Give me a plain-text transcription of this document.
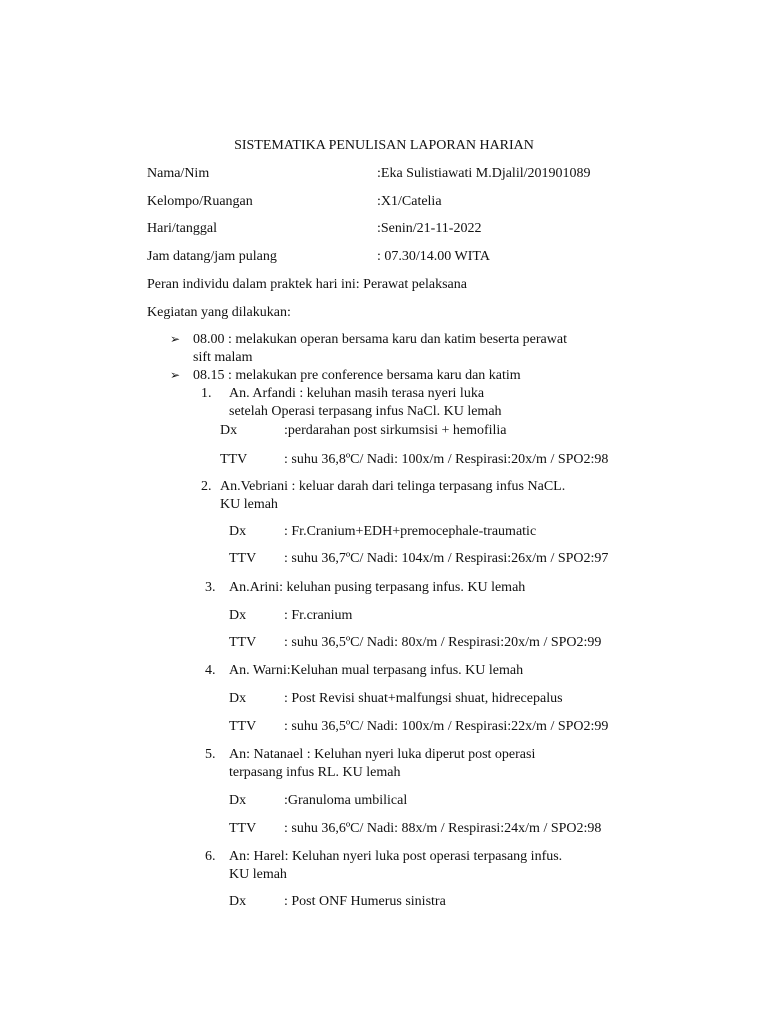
SISTEMATIKA PENULISAN LAPORAN HARIAN
Nama/Nim	:Eka Sulistiawati M.Djalil/201901089
Kelompo/Ruangan	:X1/Catelia
Hari/tanggal	:Senin/21-11-2022
Jam datang/jam pulang	: 07.30/14.00 WITA
Peran individu dalam praktek hari ini: Perawat pelaksana
Kegiatan yang dilakukan:
➢ 08.00 : melakukan operan bersama karu dan katim beserta perawat
sift malam
➢ 08.15 : melakukan pre conference bersama karu dan katim
1. An. Arfandi : keluhan masih terasa nyeri luka
setelah Operasi terpasang infus NaCl. KU lemah
Dx	:perdarahan post sirkumsisi + hemofilia
TTV	: suhu 36,8ºC/ Nadi: 100x/m / Respirasi:20x/m / SPO2:98
2. An.Vebriani : keluar darah dari telinga terpasang infus NaCL.
KU lemah
Dx	: Fr.Cranium+EDH+premocephale-traumatic
TTV : suhu 36,7ºC/ Nadi: 104x/m / Respirasi:26x/m / SPO2:97
3. An.Arini: keluhan pusing terpasang infus. KU lemah
Dx	: Fr.cranium
TTV : suhu 36,5ºC/ Nadi: 80x/m / Respirasi:20x/m / SPO2:99
4. An. Warni:Keluhan mual terpasang infus. KU lemah
Dx	: Post Revisi shuat+malfungsi shuat, hidrecepalus
TTV : suhu 36,5ºC/ Nadi: 100x/m / Respirasi:22x/m / SPO2:99
5. An: Natanael : Keluhan nyeri luka diperut post operasi
terpasang infus RL. KU lemah
Dx	:Granuloma umbilical
TTV : suhu 36,6ºC/ Nadi: 88x/m / Respirasi:24x/m / SPO2:98
6. An: Harel: Keluhan nyeri luka post operasi terpasang infus.
KU lemah
Dx	: Post ONF Humerus sinistra
